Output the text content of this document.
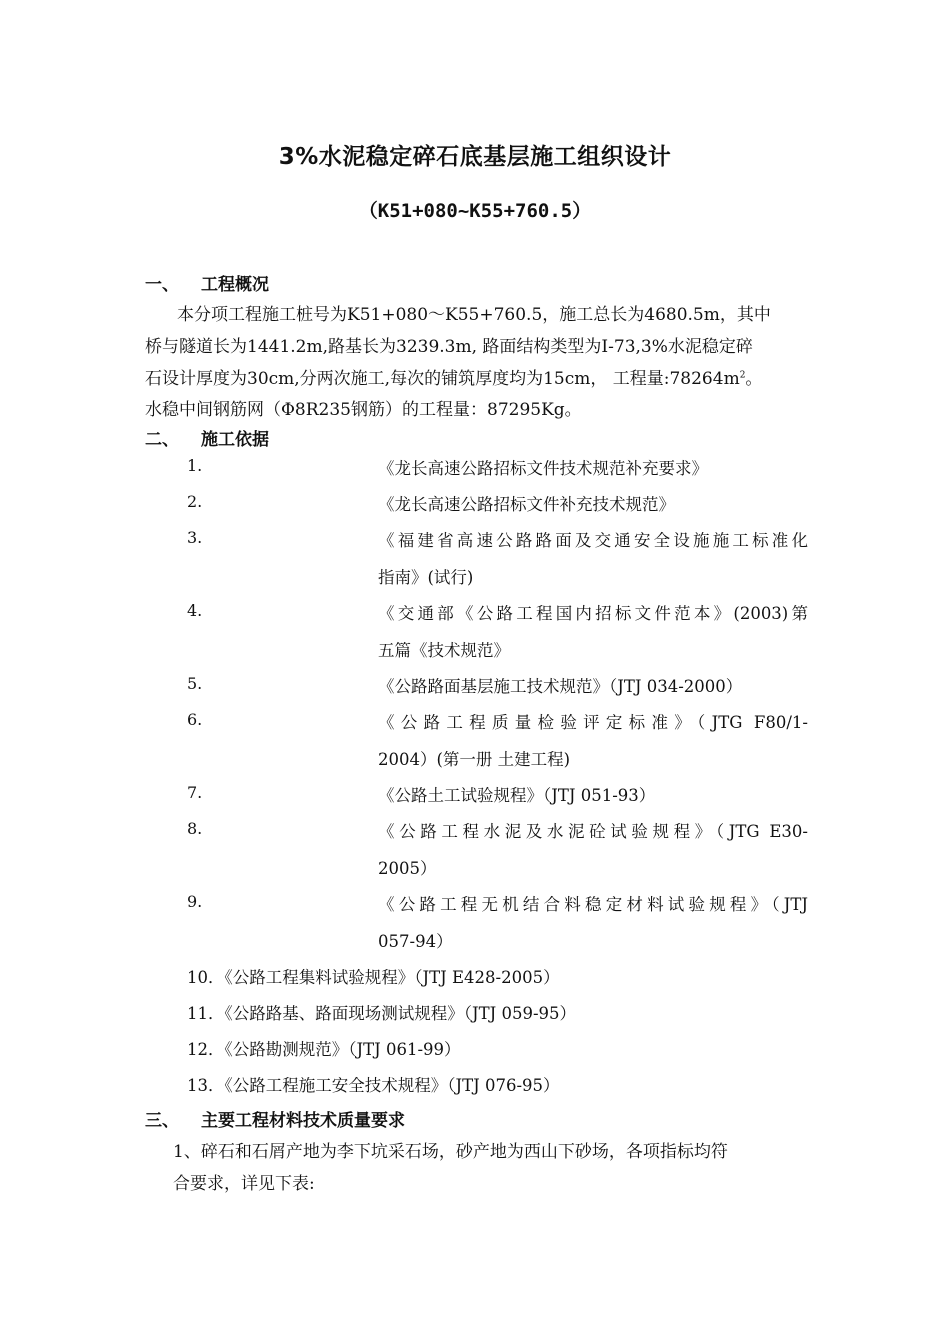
3%水泥稳定碎石底基层施工组织设计
（K51+080~K55+760.5）
一、 工程概况
本分项工程施工桩号为K51+080～K55+760.5，施工总长为4680.5m，其中
桥与隧道长为1441.2m,路基长为3239.3m, 路面结构类型为I-73,3%水泥稳定碎
石设计厚度为30cm,分两次施工,每次的铺筑厚度均为15cm， 工程量$:78264m^2$。
水稳中间钢筋网（Φ8R235钢筋）的工程量：87295Kg。
二、 施工依据
1.	《龙长高速公路招标文件技术规范补充要求》
2.	《龙长高速公路招标文件补充技术规范》
3.	《福建省高速公路路面及交通安全设施施工标准化
指南》(试行)
4.	《交通部《公路工程国内招标文件范本》(2003)第
五篇《技术规范》
5.	《公路路面基层施工技术规范》（JTJ 034-2000）
6.	《公路工程质量检验评定标准》（JTG F80/1-
2004）(第一册 土建工程)
7.	《公路土工试验规程》（JTJ 051-93）
8.	《公路工程水泥及水泥砼试验规程》（JTG E30-
2005）
9.	《公路工程无机结合料稳定材料试验规程》（JTJ
057-94）
10．《公路工程集料试验规程》（JTJ E428-2005）
11．《公路路基、路面现场测试规程》（JTJ 059-95）
12．《公路勘测规范》（JTJ 061-99）
13．《公路工程施工安全技术规程》（JTJ 076-95）
三、 主要工程材料技术质量要求
1、碎石和石屑产地为李下坑采石场，砂产地为西山下砂场，各项指标均符
合要求，详见下表:
